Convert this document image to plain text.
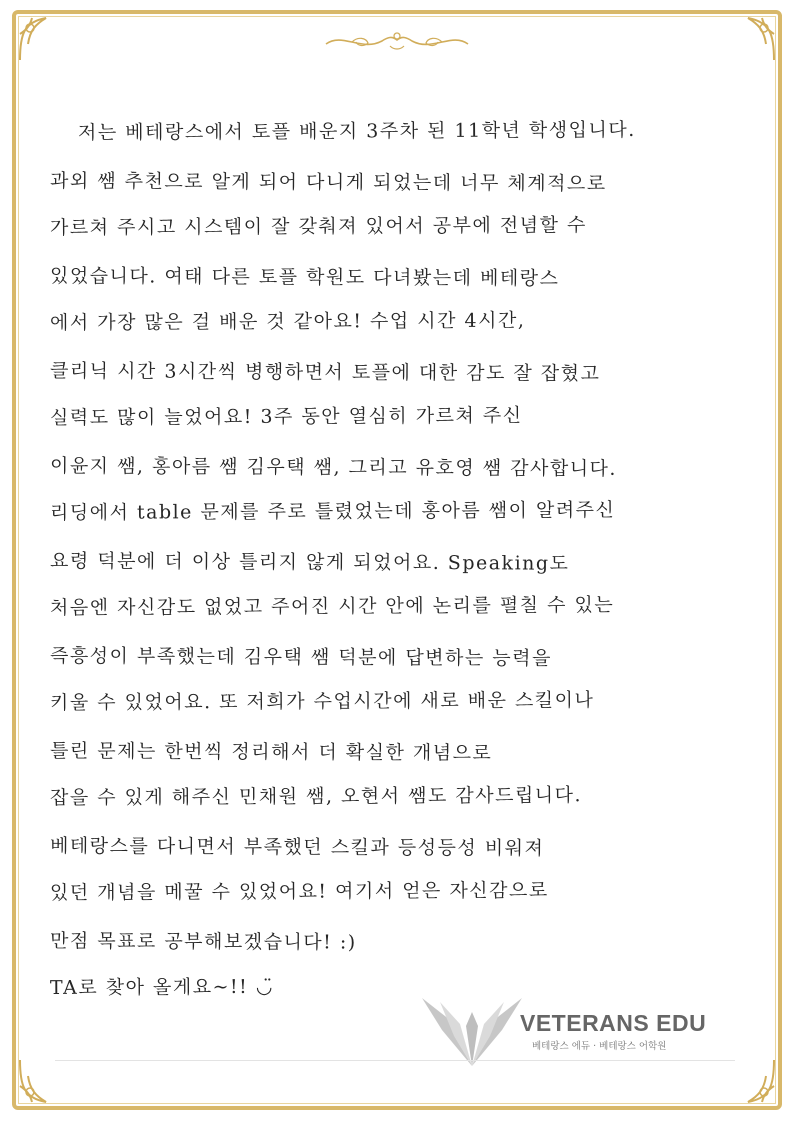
저는 베테랑스에서 토플 배운지 3주차 된 11학년 학생입니다.
과외 쌤 추천으로 알게 되어 다니게 되었는데 너무 체계적으로
가르쳐 주시고 시스템이 잘 갖춰져 있어서 공부에 전념할 수
있었습니다. 여태 다른 토플 학원도 다녀봤는데 베테랑스
에서 가장 많은 걸 배운 것 같아요! 수업 시간 4시간,
클리닉 시간 3시간씩 병행하면서 토플에 대한 감도 잘 잡혔고
실력도 많이 늘었어요! 3주 동안 열심히 가르쳐 주신
이윤지 쌤, 홍아름 쌤 김우택 쌤, 그리고 유호영 쌤 감사합니다.
리딩에서 table 문제를 주로 틀렸었는데 홍아름 쌤이 알려주신
요령 덕분에 더 이상 틀리지 않게 되었어요. Speaking도
처음엔 자신감도 없었고 주어진 시간 안에 논리를 펼칠 수 있는
즉흥성이 부족했는데 김우택 쌤 덕분에 답변하는 능력을
키울 수 있었어요. 또 저희가 수업시간에 새로 배운 스킬이나
틀린 문제는 한번씩 정리해서 더 확실한 개념으로
잡을 수 있게 해주신 민채원 쌤, 오현서 쌤도 감사드립니다.
베테랑스를 다니면서 부족했던 스킬과 등성등성 비워져
있던 개념을 메꿀 수 있었어요! 여기서 얻은 자신감으로
만점 목표로 공부해보겠습니다! :)
TA로 찾아 올게요~!! ◡̈
VETERANS EDU
베테랑스 에듀 · 베테랑스 어학원
